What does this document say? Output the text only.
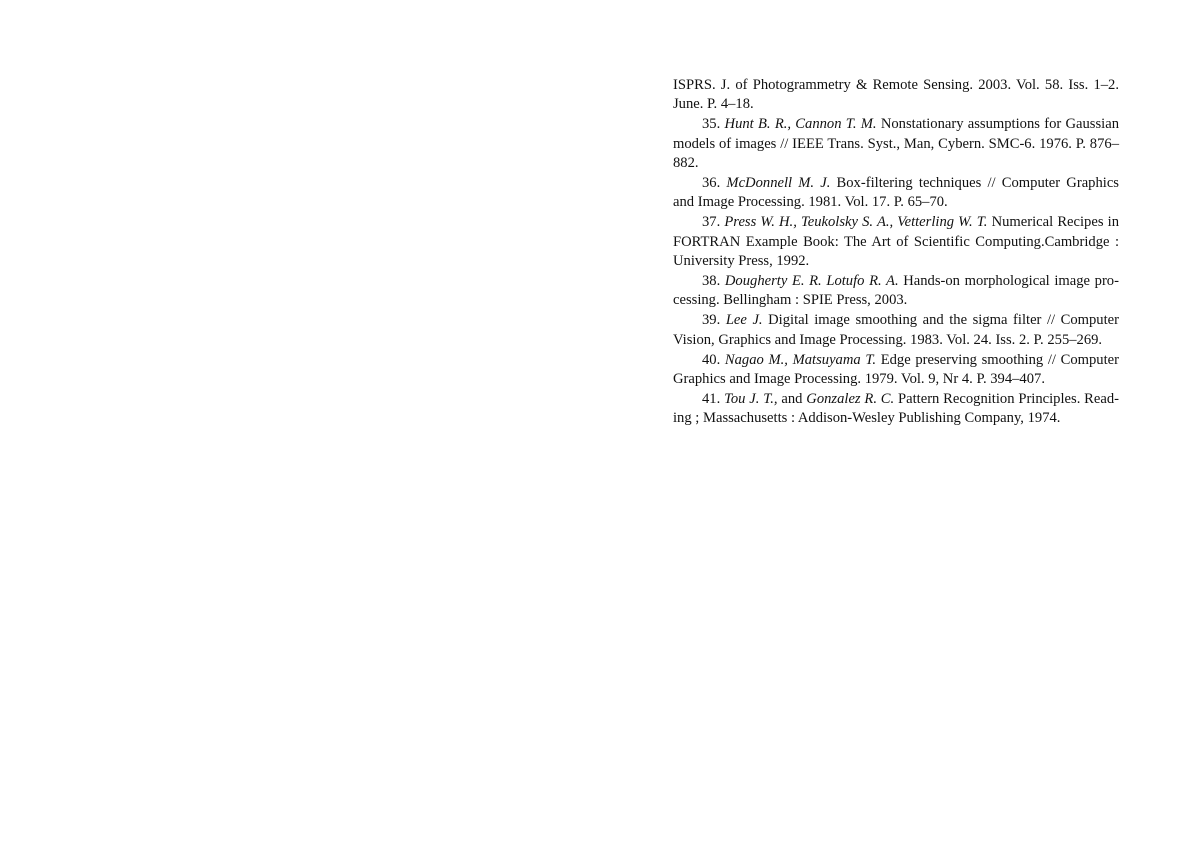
ISPRS. J. of Photogrammetry & Remote Sensing. 2003. Vol. 58. Iss. 1–2. June. P. 4–18.

35. Hunt B. R., Cannon T. M. Nonstationary assumptions for Gaussian models of images // IEEE Trans. Syst., Man, Cybern. SMC-6. 1976. P. 876–882.

36. McDonnell M. J. Box-filtering techniques // Computer Graphics and Image Processing. 1981. Vol. 17. P. 65–70.

37. Press W. H., Teukolsky S. A., Vetterling W. T. Numerical Recipes in FORTRAN Example Book: The Art of Scientific Computing.Cambridge : University Press, 1992.

38. Dougherty E. R. Lotufo R. A. Hands-on morphological image processing. Bellingham : SPIE Press, 2003.

39. Lee J. Digital image smoothing and the sigma filter // Computer Vision, Graphics and Image Processing. 1983. Vol. 24. Iss. 2. P. 255–269.

40. Nagao M., Matsuyama T. Edge preserving smoothing // Computer Graphics and Image Processing. 1979. Vol. 9, Nr 4. P. 394–407.

41. Tou J. T., and Gonzalez R. C. Pattern Recognition Principles. Reading ; Massachusetts : Addison-Wesley Publishing Company, 1974.
